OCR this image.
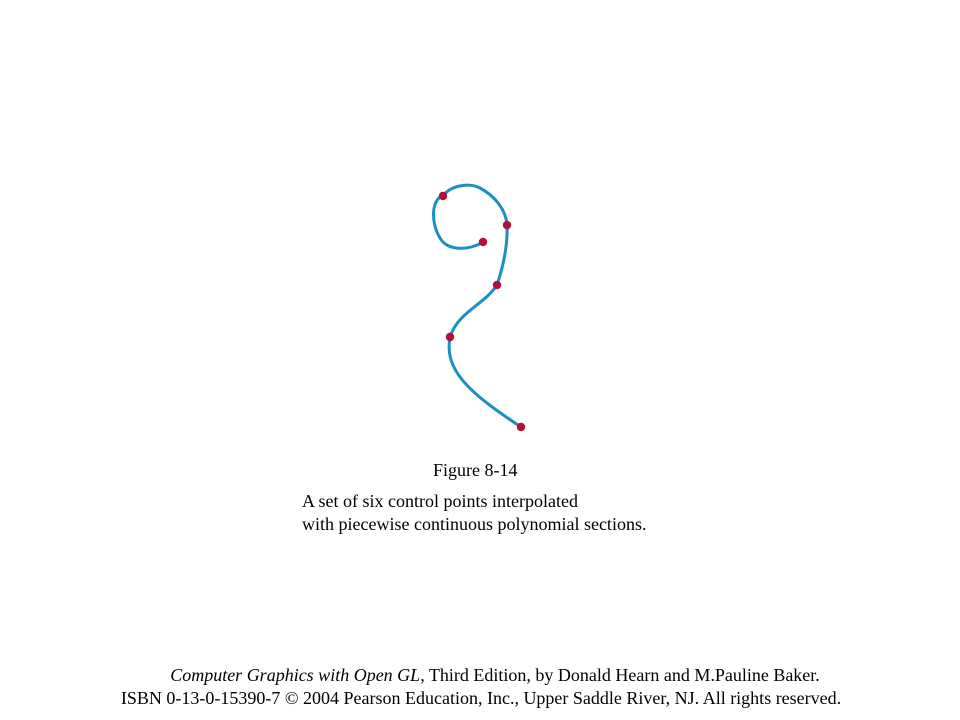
Figure 8-14
A set of six control points interpolated
with piecewise continuous polynomial sections.
Computer Graphics with Open GL, Third Edition, by Donald Hearn and M.Pauline Baker.
ISBN 0-13-0-15390-7 © 2004 Pearson Education, Inc., Upper Saddle River, NJ. All rights reserved.
